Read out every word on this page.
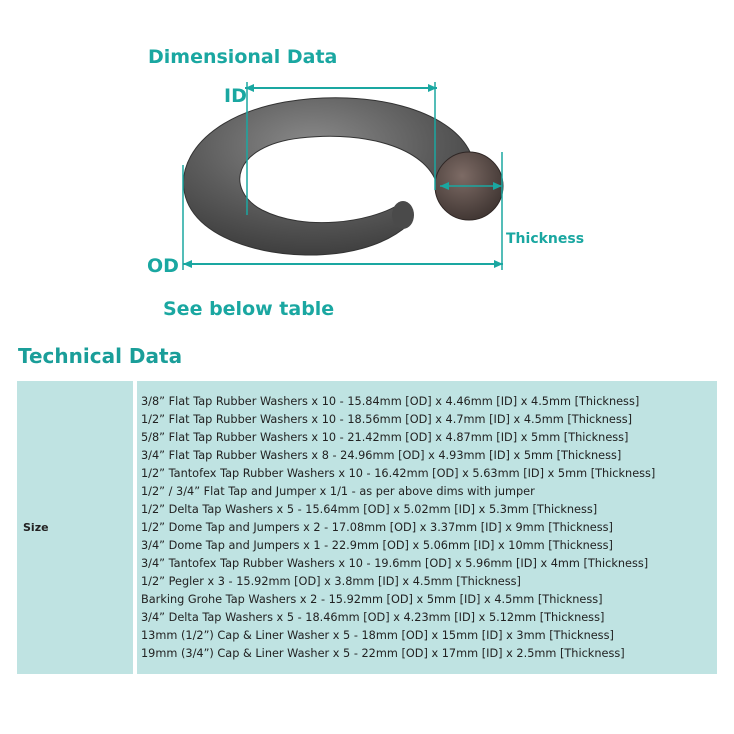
Dimensional Data
ID
OD
Thickness
See below table
Technical Data
Size
3/8” Flat Tap Rubber Washers x 10 - 15.84mm [OD] x 4.46mm [ID] x 4.5mm [Thickness]
1/2” Flat Tap Rubber Washers x 10 - 18.56mm [OD] x 4.7mm [ID] x 4.5mm [Thickness]
5/8” Flat Tap Rubber Washers x 10 - 21.42mm [OD] x 4.87mm [ID] x 5mm [Thickness]
3/4” Flat Tap Rubber Washers x 8 - 24.96mm [OD] x 4.93mm [ID] x 5mm [Thickness]
1/2” Tantofex Tap Rubber Washers x 10 - 16.42mm [OD] x 5.63mm [ID] x 5mm [Thickness]
1/2” / 3/4” Flat Tap and Jumper x 1/1 - as per above dims with jumper
1/2” Delta Tap Washers x 5 - 15.64mm [OD] x 5.02mm [ID] x 5.3mm [Thickness]
1/2” Dome Tap and Jumpers x 2 - 17.08mm [OD] x 3.37mm [ID] x 9mm [Thickness]
3/4” Dome Tap and Jumpers x 1 - 22.9mm [OD] x 5.06mm [ID] x 10mm [Thickness]
3/4” Tantofex Tap Rubber Washers x 10 - 19.6mm [OD] x 5.96mm [ID] x 4mm [Thickness]
1/2” Pegler x 3 - 15.92mm [OD] x 3.8mm [ID] x 4.5mm [Thickness]
Barking Grohe Tap Washers x 2 - 15.92mm [OD] x 5mm [ID] x 4.5mm [Thickness]
3/4” Delta Tap Washers x 5 - 18.46mm [OD] x 4.23mm [ID] x 5.12mm [Thickness]
13mm (1/2”) Cap & Liner Washer x 5 - 18mm [OD] x 15mm [ID] x 3mm [Thickness]
19mm (3/4”) Cap & Liner Washer x 5 - 22mm [OD] x 17mm [ID] x 2.5mm [Thickness]
